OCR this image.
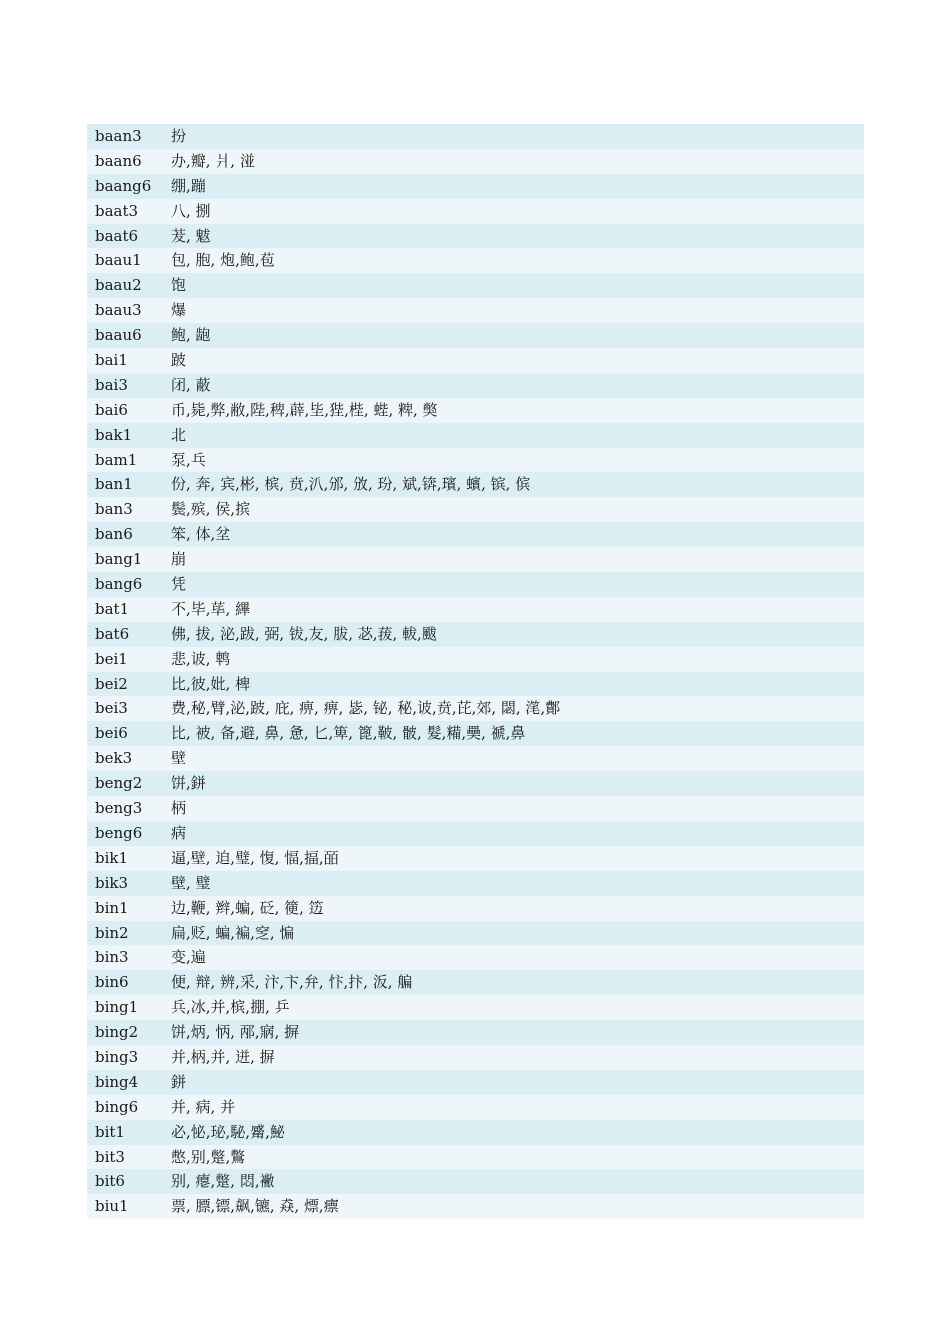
baan3	扮
baan6	办,瓣, 爿, 湴
baang6	绷,蹦
baat3	八, 捌
baat6	茇, 魃
baau1	包, 胞, 炮,鲍,苞
baau2	饱
baau3	爆
baau6	鲍, 龅
bai1	跛
bai3	闭, 蔽
bai6	币,毙,弊,敝,陛,稗,薜,坒,狴,梐, 蜌, 粺, 獘
bak1	北
bam1	泵,乓
ban1	份, 奔, 宾,彬, 槟, 贲,汃,邠, 攽, 玢, 斌,锛,璸, 蠙, 镔, 傧
ban3	鬓,殡, 侯,摈
ban6	笨, 体,坌
bang1	崩
bang6	凭
bat1	不,毕,荜, 縪
bat6	佛, 拔, 泌,跋, 弼, 钹,友, 胈, 苾,菝, 軷,颰
bei1	悲,诐, 鹎
bei2	比,彼,妣, 椑
bei3	费,秘,臂,泌,跛, 庇, 痹, 痹, 毖, 铋, 秘,诐,贲,芘,郊, 閟, 滗,鄪
bei6	比, 被, 备,避, 鼻, 惫, 匕,箄, 篦,鞁, 骳, 髮,糒,奰, 禠,鼻
bek3	壁
beng2	饼,鉼
beng3	柄
beng6	病
bik1	逼,壁, 迫,璧, 愎, 愊,揊,皕
bik3	壁, 璧
bin1	边,鞭, 辫,蝙, 砭, 箯, 笾
bin2	扁,贬, 蝙,褊,窆, 惼
bin3	变,遍
bin6	便, 辩, 辨,采, 汴,卞,弁, 忭,抃, 汳, 艑
bing1	兵,冰,并,槟,掤, 乒
bing2	饼,炳, 怲, 邴,寎, 摒
bing3	并,柄,并, 迸, 摒
bing4	鉼
bing6	并, 病, 并
bit1	必,怭,珌,駜,觱,鮅
bit3	憋,别,蹩,鷩
bit6	别, 瘪,蹩, 悶,襒
biu1	票, 膘,镖,飙,镳, 猋, 熛,瘭
